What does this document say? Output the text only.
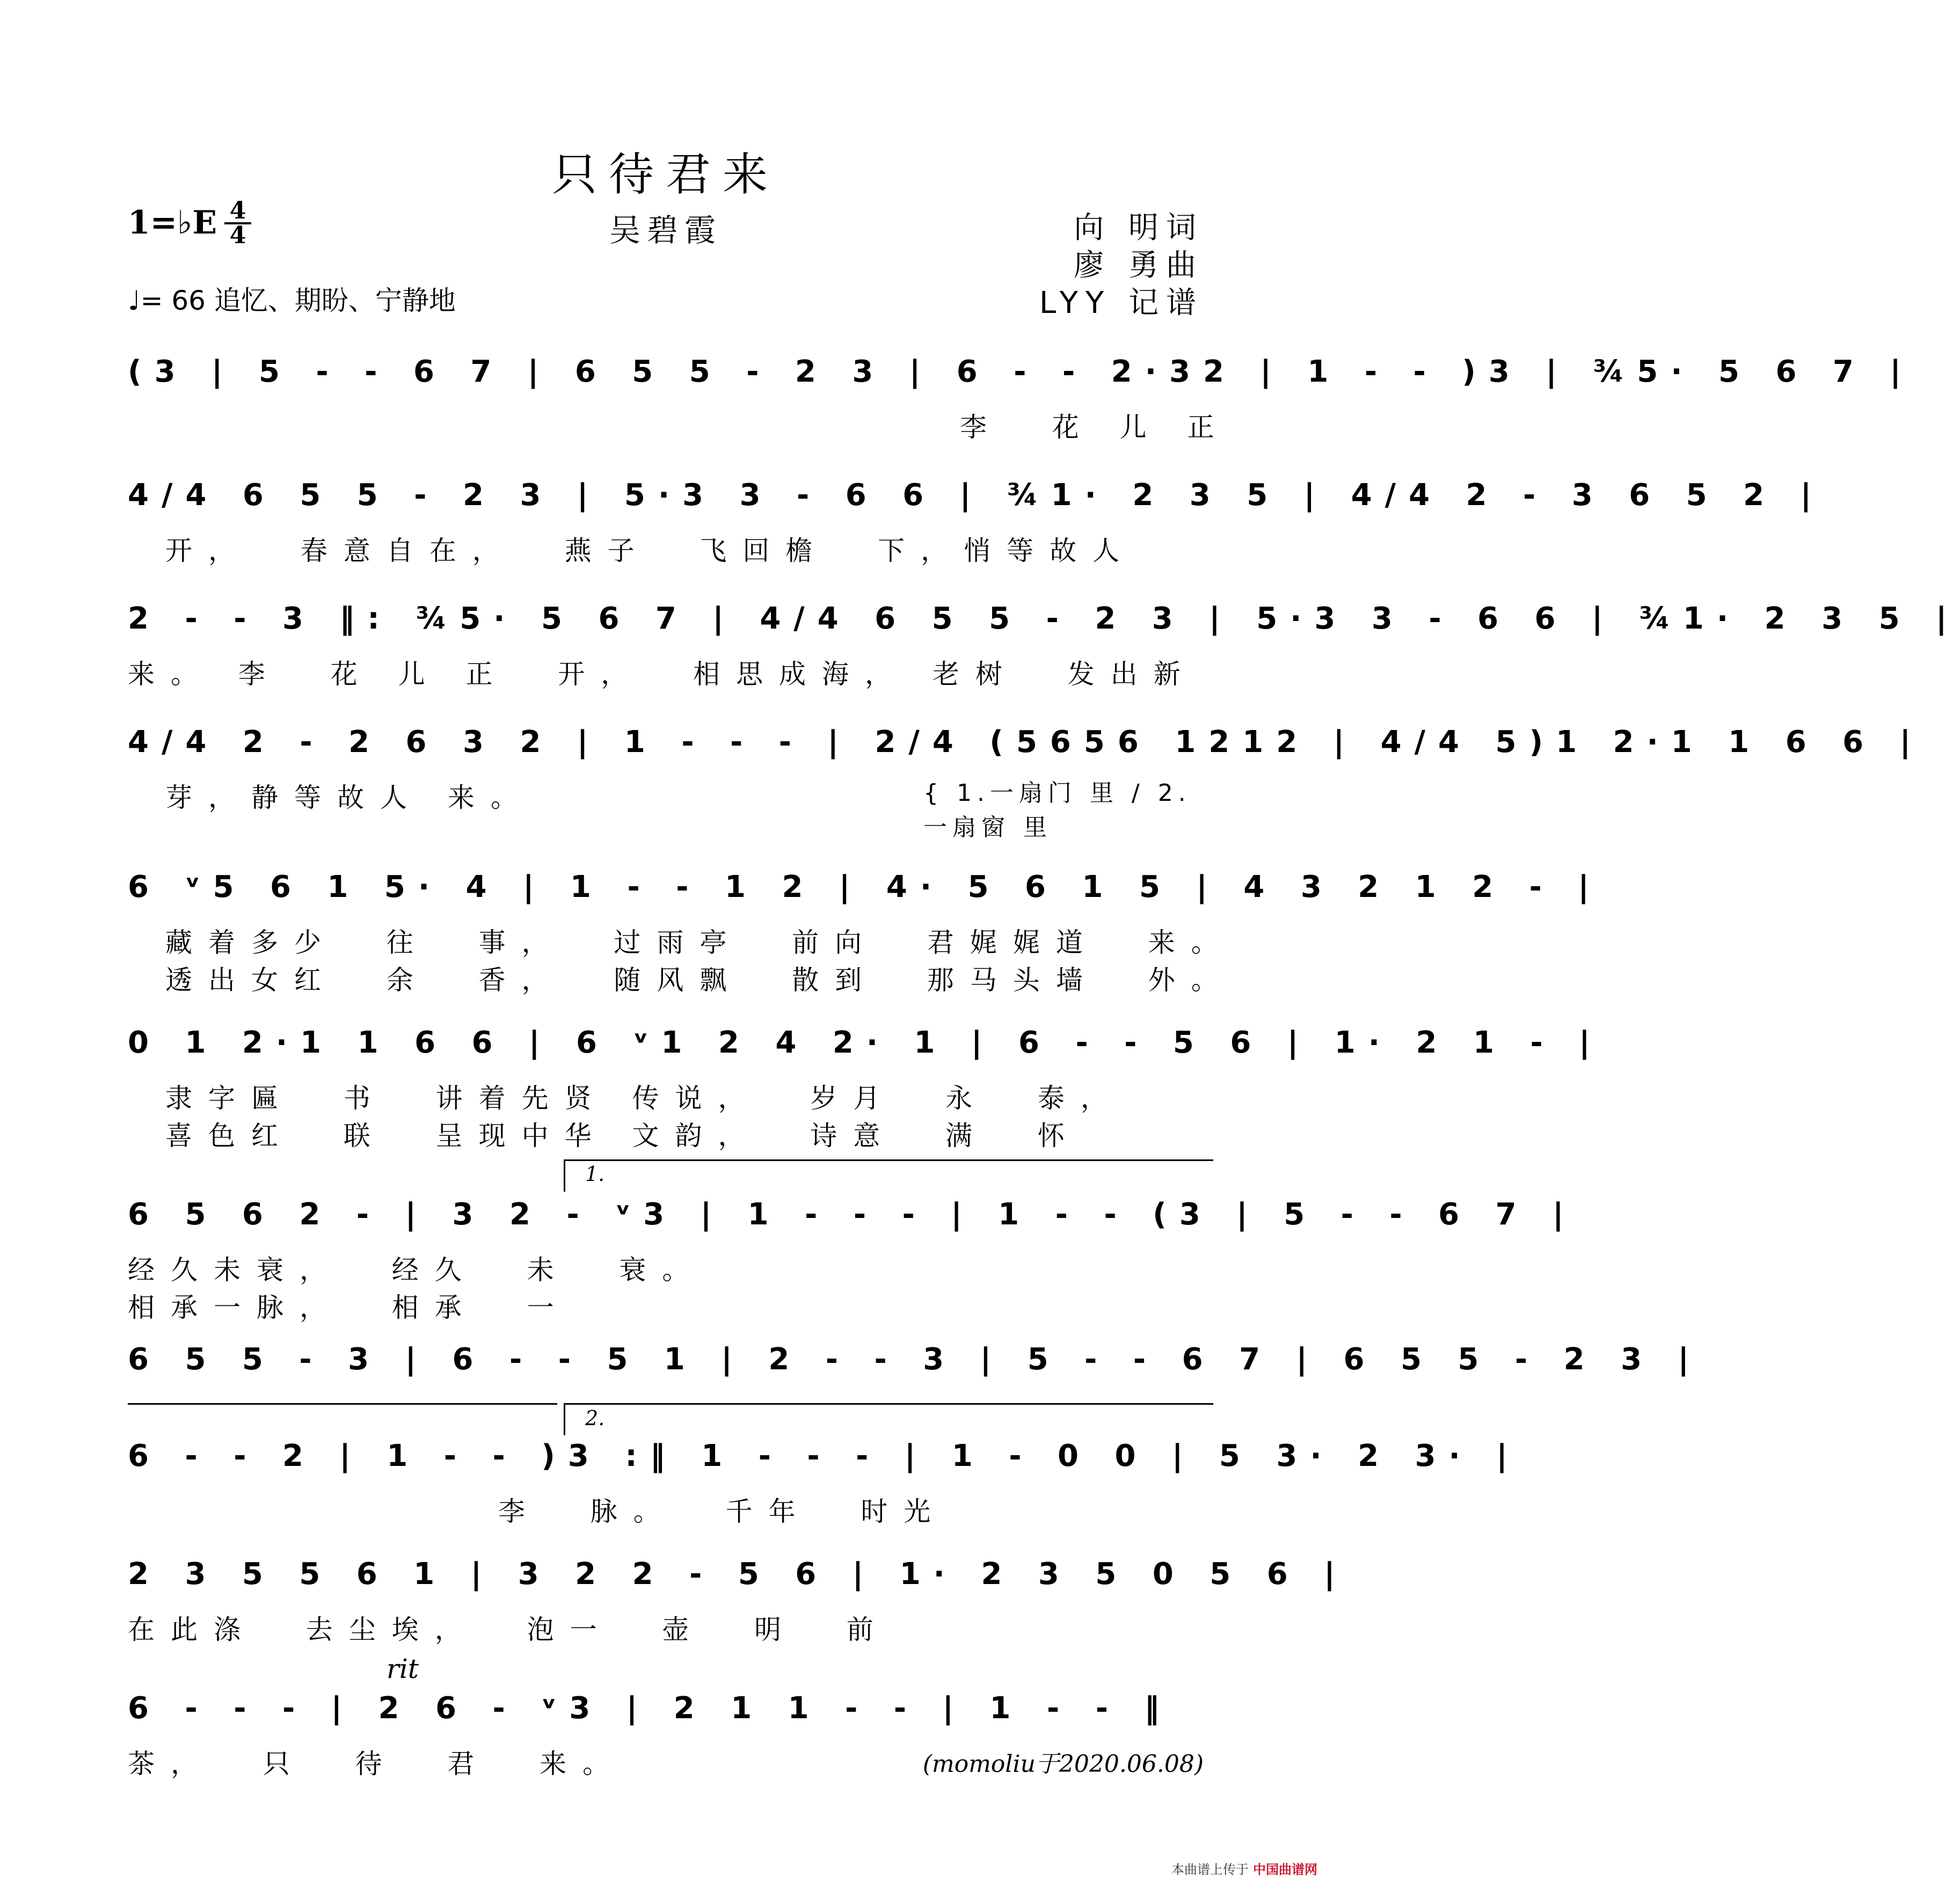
只待君来
吴碧霞
1=♭E 4
4	向 明词
廖 勇曲
LYY 记谱
♩= 66 追忆、期盼、宁静地
(3 | 5 - - 6 7 | 6 5 5 - 2 3 | 6 - - 2·32 | 1 - - )3 | ¾5· 5 6 7 |
李  花 儿 正
4/4 6 5 5 - 2 3 | 5·3 3 - 6 6 | ¾1· 2 3 5 | 4/4 2 - 3 6 5 2 |
开，  春意自在，  燕子  飞回檐  下，悄等故人
2 - - 3 ‖: ¾5· 5 6 7 | 4/4 6 5 5 - 2 3 | 5·3 3 - 6 6 | ¾1· 2 3 5 |
来。 李  花 儿 正  开，  相思成海， 老树  发出新
4/4 2 - 2 6 3 2 | 1 - - - | 2/4 (5656 1212 | 4/4 5)1 2·1 1 6 6 |
芽，静等故人 来。	{ 1.一扇门 里 / 2.一扇窗 里
6 ᵛ5 6 1 5· 4 | 1 - - 1 2 | 4· 5 6 1 5 | 4 3 2 1 2 - |
藏着多少  往  事，  过雨亭  前向  君娓娓道  来。
透出女红  余  香，  随风飘  散到  那马头墙  外。
0 1 2·1 1 6 6 | 6 ᵛ1 2 4 2· 1 | 6 - - 5 6 | 1· 2 1 - |
隶字匾  书  讲着先贤 传说，  岁月  永  泰，
喜色红  联  呈现中华 文韵，  诗意  满  怀
1.
6 5 6 2 - | 3 2 - ᵛ3 | 1 - - - | 1 - - (3 | 5 - - 6 7 |
经久未衰，  经久  未  衰。
相承一脉，  相承  一
6 5 5 - 3 | 6 - - 5 1 | 2 - - 3 | 5 - - 6 7 | 6 5 5 - 2 3 |
2.
6 - - 2 | 1 - - )3 :‖ 1 - - - | 1 - 0 0 | 5 3· 2 3· |
李  脉。  千年  时光
2 3 5 5 6 1 | 3 2 2 - 5 6 | 1· 2 3 5 0 5 6 |
在此涤  去尘埃，  泡一  壶  明  前
rit
6 - - - | 2 6 - ᵛ3 | 2 1 1 - - | 1 - - ‖
茶，  只  待  君  来。	(momoliu于2020.06.08)
本曲谱上传于 中国曲谱网
